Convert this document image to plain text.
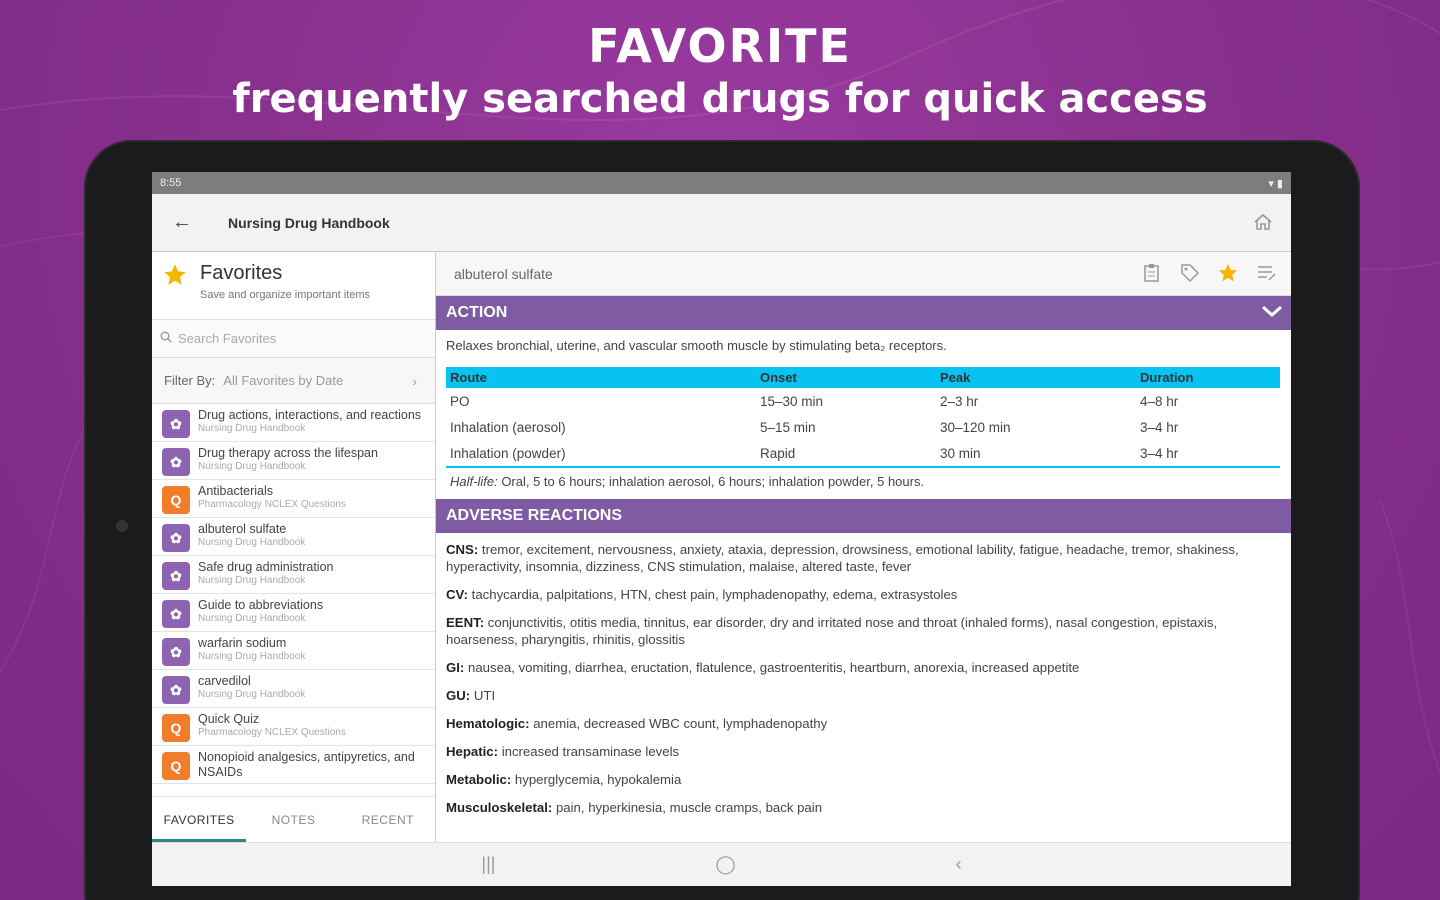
FAVORITE
frequently searched drugs for quick access
8:55	▾ ▮
←	Nursing Drug Handbook
Favorites
Save and organize important items
Search Favorites
Filter By: All Favorites by Date	›
✿
Drug actions, interactions, and reactions
Nursing Drug Handbook
✿
Drug therapy across the lifespan
Nursing Drug Handbook
Q
Antibacterials
Pharmacology NCLEX Questions
✿
albuterol sulfate
Nursing Drug Handbook
✿
Safe drug administration
Nursing Drug Handbook
✿
Guide to abbreviations
Nursing Drug Handbook
✿
warfarin sodium
Nursing Drug Handbook
✿
carvedilol
Nursing Drug Handbook
Q
Quick Quiz
Pharmacology NCLEX Questions
Q
Nonopioid analgesics, antipyretics, and NSAIDs
FAVORITES	NOTES	RECENT
albuterol sulfate
ACTION
Relaxes bronchial, uterine, and vascular smooth muscle by stimulating beta₂ receptors.
Route	Onset	Peak	Duration
PO	15–30 min	2–3 hr	4–8 hr
Inhalation (aerosol)	5–15 min	30–120 min	3–4 hr
Inhalation (powder)	Rapid	30 min	3–4 hr
Half-life: Oral, 5 to 6 hours; inhalation aerosol, 6 hours; inhalation powder, 5 hours.
ADVERSE REACTIONS

CNS: tremor, excitement, nervousness, anxiety, ataxia, depression, drowsiness, emotional lability, fatigue, headache, tremor, shakiness, hyperactivity, insomnia, dizziness, CNS stimulation, malaise, altered taste, fever

CV: tachycardia, palpitations, HTN, chest pain, lymphadenopathy, edema, extrasystoles

EENT: conjunctivitis, otitis media, tinnitus, ear disorder, dry and irritated nose and throat (inhaled forms), nasal congestion, epistaxis, hoarseness, pharyngitis, rhinitis, glossitis

GI: nausea, vomiting, diarrhea, eructation, flatulence, gastroenteritis, heartburn, anorexia, increased appetite

GU: UTI

Hematologic: anemia, decreased WBC count, lymphadenopathy

Hepatic: increased transaminase levels

Metabolic: hyperglycemia, hypokalemia

Musculoskeletal: pain, hyperkinesia, muscle cramps, back pain

|||	◯	‹
